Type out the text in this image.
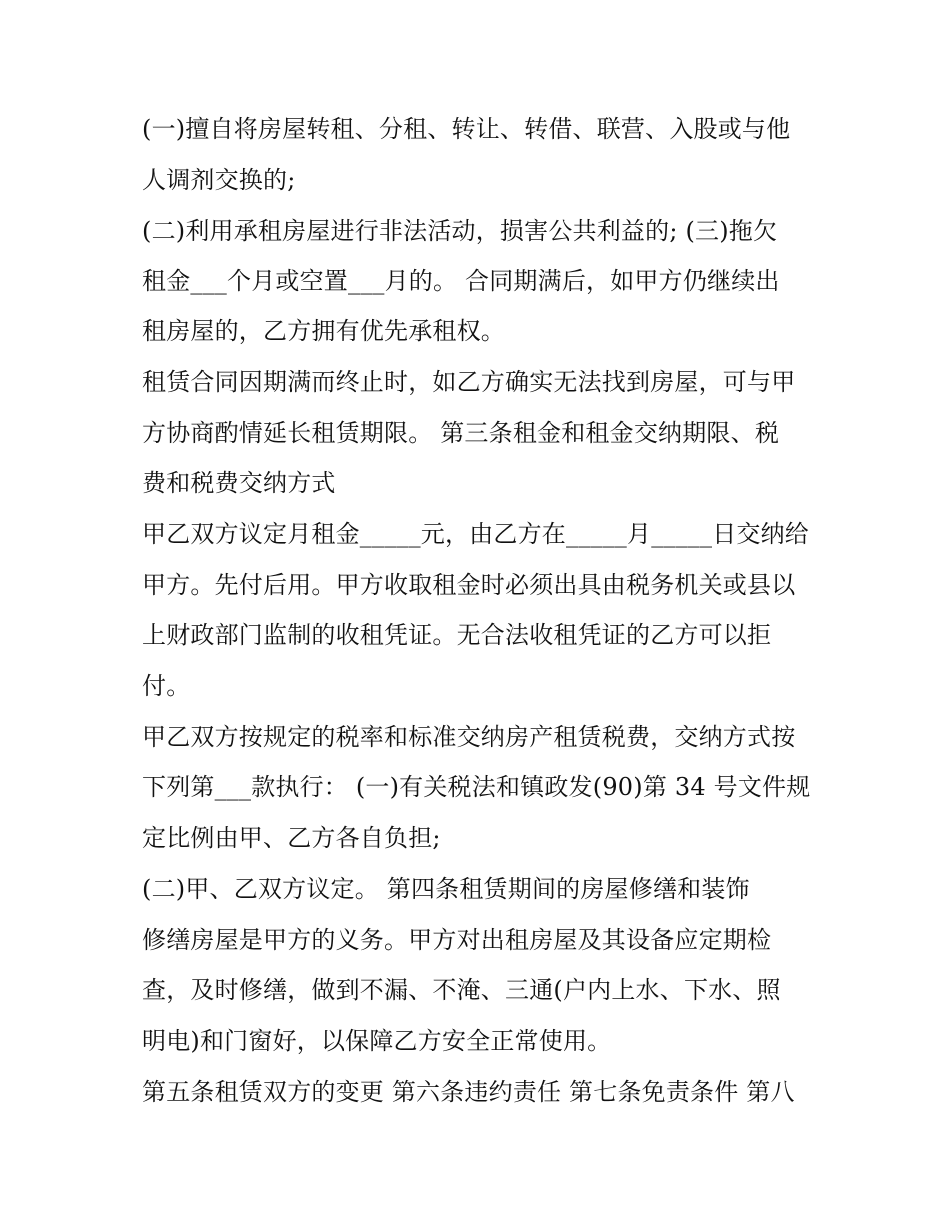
(一)擅自将房屋转租、分租、转让、转借、联营、入股或与他
人调剂交换的;
(二)利用承租房屋进行非法活动，损害公共利益的; (三)拖欠
租金___个月或空置___月的。 合同期满后，如甲方仍继续出
租房屋的，乙方拥有优先承租权。
租赁合同因期满而终止时，如乙方确实无法找到房屋，可与甲
方协商酌情延长租赁期限。 第三条租金和租金交纳期限、税
费和税费交纳方式
甲乙双方议定月租金_____元，由乙方在_____月_____日交纳给
甲方。先付后用。甲方收取租金时必须出具由税务机关或县以
上财政部门监制的收租凭证。无合法收租凭证的乙方可以拒
付。
甲乙双方按规定的税率和标准交纳房产租赁税费，交纳方式按
下列第___款执行： (一)有关税法和镇政发(90)第 34 号文件规
定比例由甲、乙方各自负担;
(二)甲、乙双方议定。 第四条租赁期间的房屋修缮和装饰
修缮房屋是甲方的义务。甲方对出租房屋及其设备应定期检
查，及时修缮，做到不漏、不淹、三通(户内上水、下水、照
明电)和门窗好，以保障乙方安全正常使用。
第五条租赁双方的变更 第六条违约责任 第七条免责条件 第八
